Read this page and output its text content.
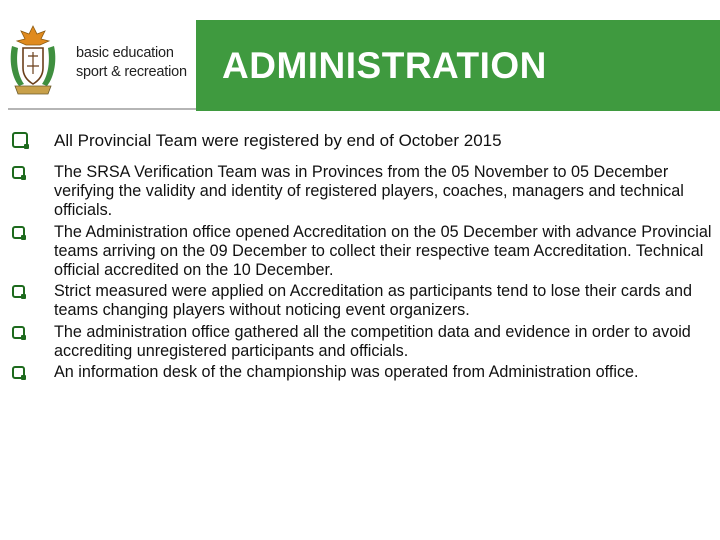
basic education
sport & recreation ADMINISTRATION
All Provincial Team were registered by end of October 2015
The SRSA Verification Team was in Provinces from the 05 November to 05 December verifying the validity and identity of registered players, coaches, managers and technical officials.
The Administration office opened Accreditation on the 05 December with advance Provincial teams arriving on the 09 December to collect their respective team Accreditation. Technical official accredited on the 10 December.
Strict measured were applied on Accreditation as participants tend to lose their cards and teams changing players without noticing event organizers.
The administration office gathered all the competition data and evidence in order to avoid accrediting unregistered participants and officials.
An information desk of the championship was operated from Administration office.
